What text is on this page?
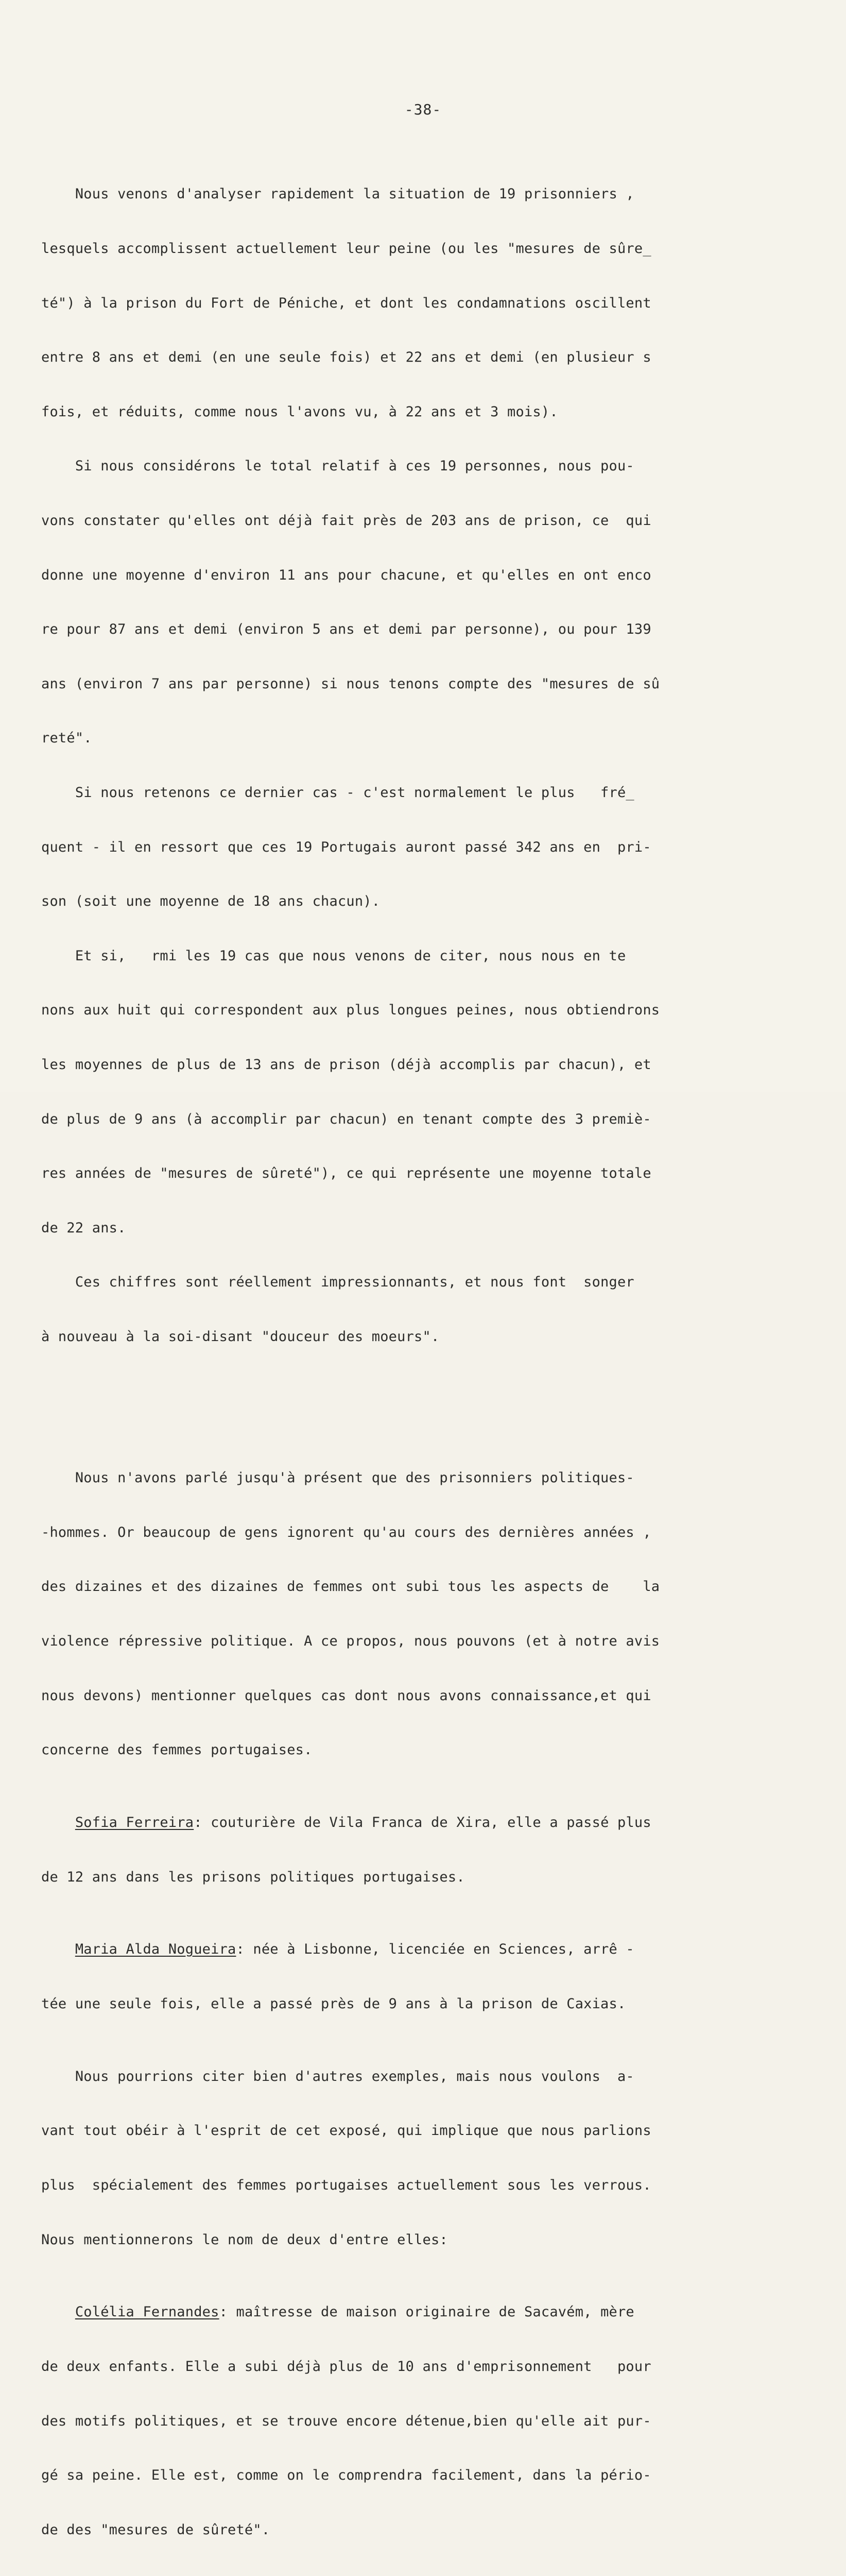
-38-

Nous venons d'analyser rapidement la situation de 19 prisonniers ,

lesquels accomplissent actuellement leur peine (ou les "mesures de sûre_

té") à la prison du Fort de Péniche, et dont les condamnations oscillent

entre 8 ans et demi (en une seule fois) et 22 ans et demi (en plusieur s

fois, et réduits, comme nous l'avons vu, à 22 ans et 3 mois).

Si nous considérons le total relatif à ces 19 personnes, nous pou-

vons constater qu'elles ont déjà fait près de 203 ans de prison, ce  qui

donne une moyenne d'environ 11 ans pour chacune, et qu'elles en ont enco

re pour 87 ans et demi (environ 5 ans et demi par personne), ou pour 139

ans (environ 7 ans par personne) si nous tenons compte des "mesures de sû

reté".

Si nous retenons ce dernier cas - c'est normalement le plus   fré_

quent - il en ressort que ces 19 Portugais auront passé 342 ans en  pri-

son (soit une moyenne de 18 ans chacun).

Et si,   rmi les 19 cas que nous venons de citer, nous nous en te

nons aux huit qui correspondent aux plus longues peines, nous obtiendrons

les moyennes de plus de 13 ans de prison (déjà accomplis par chacun), et

de plus de 9 ans (à accomplir par chacun) en tenant compte des 3 premiè-

res années de "mesures de sûreté"), ce qui représente une moyenne totale

de 22 ans.

Ces chiffres sont réellement impressionnants, et nous font  songer

à nouveau à la soi-disant "douceur des moeurs".

Nous n'avons parlé jusqu'à présent que des prisonniers politiques-

-hommes. Or beaucoup de gens ignorent qu'au cours des dernières années ,

des dizaines et des dizaines de femmes ont subi tous les aspects de    la

violence répressive politique. A ce propos, nous pouvons (et à notre avis

nous devons) mentionner quelques cas dont nous avons connaissance,et qui

concerne des femmes portugaises.

Sofia Ferreira: couturière de Vila Franca de Xira, elle a passé plus

de 12 ans dans les prisons politiques portugaises.

Maria Alda Nogueira: née à Lisbonne, licenciée en Sciences, arrê -

tée une seule fois, elle a passé près de 9 ans à la prison de Caxias.

Nous pourrions citer bien d'autres exemples, mais nous voulons  a-

vant tout obéir à l'esprit de cet exposé, qui implique que nous parlions

plus  spécialement des femmes portugaises actuellement sous les verrous.

Nous mentionnerons le nom de deux d'entre elles:

Colélia Fernandes: maîtresse de maison originaire de Sacavém, mère

de deux enfants. Elle a subi déjà plus de 10 ans d'emprisonnement   pour

des motifs politiques, et se trouve encore détenue,bien qu'elle ait pur-

gé sa peine. Elle est, comme on le comprendra facilement, dans la pério-

de des "mesures de sûreté".
